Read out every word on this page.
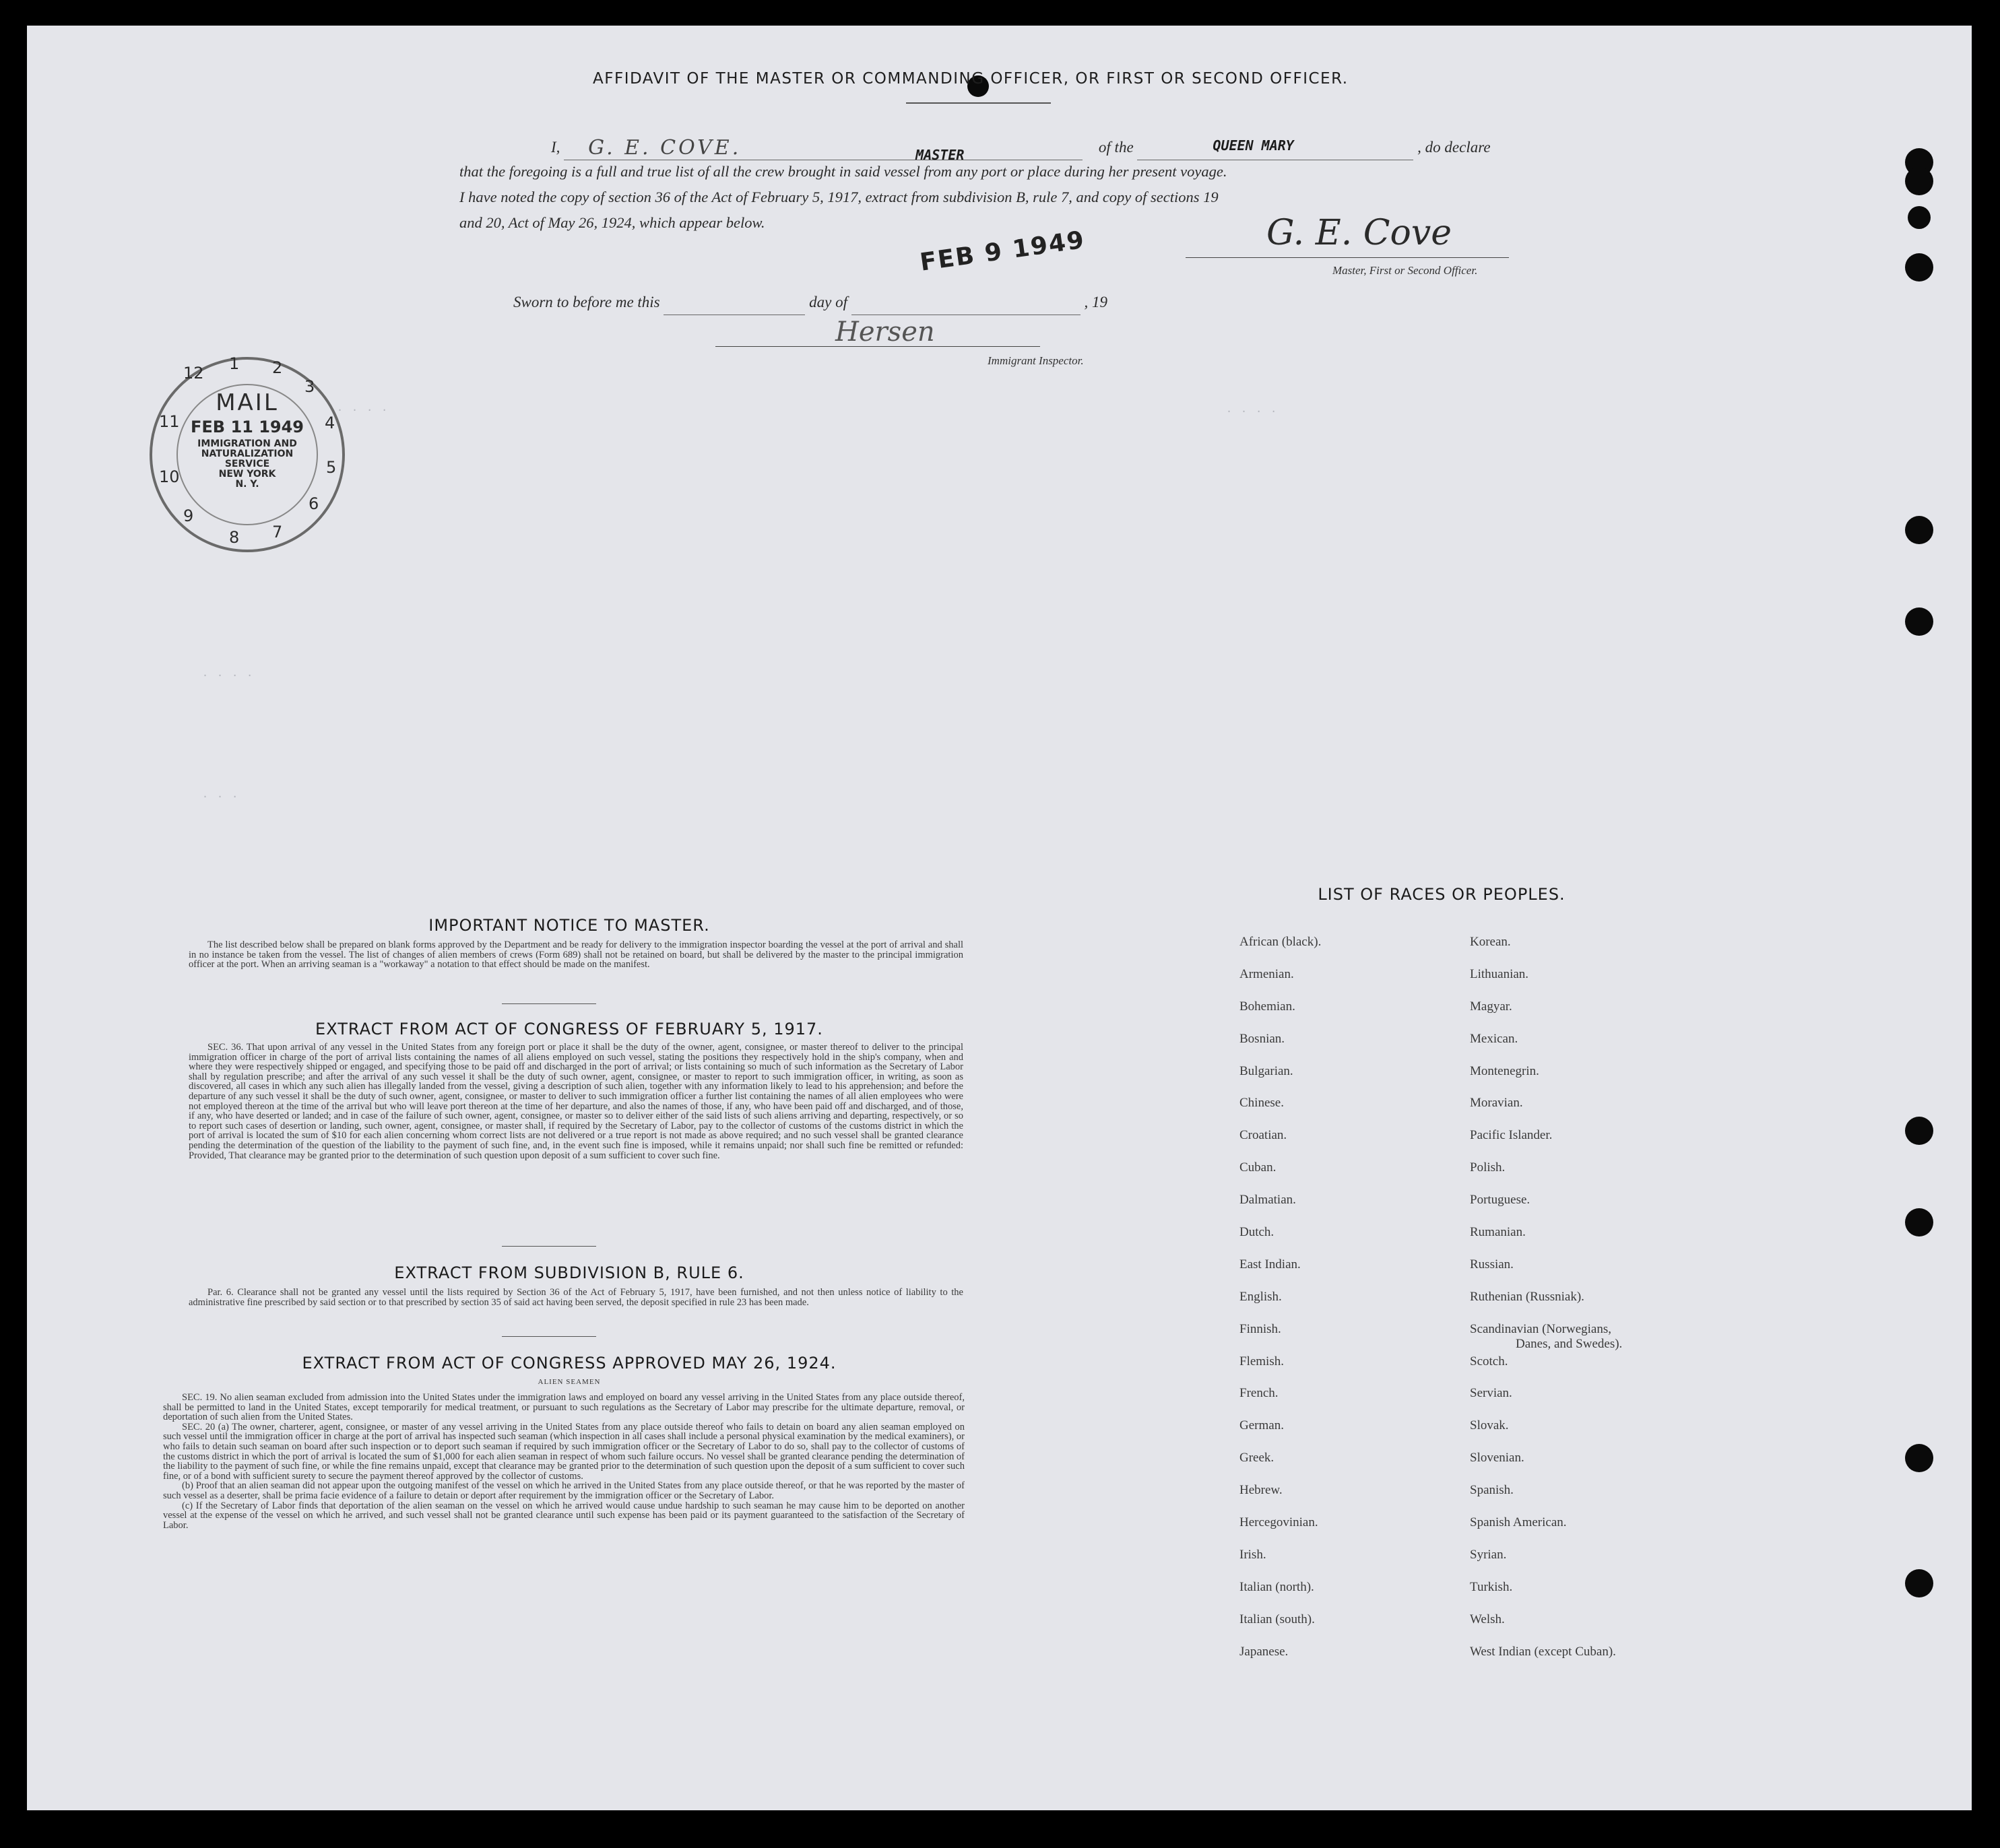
. . . .	. . . .
. . . .
. . .
AFFIDAVIT OF THE MASTER OR COMMANDING OFFICER, OR FIRST OR SECOND OFFICER.
I, G. E. COVE.	MASTER	of the	QUEEN MARY	, do declare
that the foregoing is a full and true list of all the crew brought in said vessel from any port or place during her present voyage.
I have noted the copy of section 36 of the Act of February 5, 1917, extract from subdivision B, rule 7, and copy of sections 19
and 20, Act of May 26, 1924, which appear below.	G. E. Cove
Master, First or Second Officer.
FEB 9 1949
Sworn to before me this	day of	, 19
Hersen
Immigrant Inspector.
12 1 2
3
4
5
6
7
8
9
10
11
MAIL
FEB 11 1949
IMMIGRATION AND
NATURALIZATION
SERVICE
NEW YORK
N. Y.
IMPORTANT NOTICE TO MASTER.
The list described below shall be prepared on blank forms approved by the Department and be ready for delivery to the immigration inspector boarding the vessel at the port of arrival and shall in no instance be taken from the vessel. The list of changes of alien members of crews (Form 689) shall not be retained on board, but shall be delivered by the master to the principal immigration officer at the port. When an arriving seaman is a "workaway" a notation to that effect should be made on the manifest.
EXTRACT FROM ACT OF CONGRESS OF FEBRUARY 5, 1917.
SEC. 36. That upon arrival of any vessel in the United States from any foreign port or place it shall be the duty of the owner, agent, consignee, or master thereof to deliver to the principal immigration officer in charge of the port of arrival lists containing the names of all aliens employed on such vessel, stating the positions they respectively hold in the ship's company, when and where they were respectively shipped or engaged, and specifying those to be paid off and discharged in the port of arrival; or lists containing so much of such information as the Secretary of Labor shall by regulation prescribe; and after the arrival of any such vessel it shall be the duty of such owner, agent, consignee, or master to report to such immigration officer, in writing, as soon as discovered, all cases in which any such alien has illegally landed from the vessel, giving a description of such alien, together with any information likely to lead to his apprehension; and before the departure of any such vessel it shall be the duty of such owner, agent, consignee, or master to deliver to such immigration officer a further list containing the names of all alien employees who were not employed thereon at the time of the arrival but who will leave port thereon at the time of her departure, and also the names of those, if any, who have been paid off and discharged, and of those, if any, who have deserted or landed; and in case of the failure of such owner, agent, consignee, or master so to deliver either of the said lists of such aliens arriving and departing, respectively, or so to report such cases of desertion or landing, such owner, agent, consignee, or master shall, if required by the Secretary of Labor, pay to the collector of customs of the customs district in which the port of arrival is located the sum of $10 for each alien concerning whom correct lists are not delivered or a true report is not made as above required; and no such vessel shall be granted clearance pending the determination of the question of the liability to the payment of such fine, and, in the event such fine is imposed, while it remains unpaid; nor shall such fine be remitted or refunded: Provided, That clearance may be granted prior to the determination of such question upon deposit of a sum sufficient to cover such fine.
EXTRACT FROM SUBDIVISION B, RULE 6.
Par. 6. Clearance shall not be granted any vessel until the lists required by Section 36 of the Act of February 5, 1917, have been furnished, and not then unless notice of liability to the administrative fine prescribed by said section or to that prescribed by section 35 of said act having been served, the deposit specified in rule 23 has been made.
EXTRACT FROM ACT OF CONGRESS APPROVED MAY 26, 1924.
ALIEN SEAMEN
SEC. 19. No alien seaman excluded from admission into the United States under the immigration laws and employed on board any vessel arriving in the United States from any place outside thereof, shall be permitted to land in the United States, except temporarily for medical treatment, or pursuant to such regulations as the Secretary of Labor may prescribe for the ultimate departure, removal, or deportation of such alien from the United States.
SEC. 20 (a) The owner, charterer, agent, consignee, or master of any vessel arriving in the United States from any place outside thereof who fails to detain on board any alien seaman employed on such vessel until the immigration officer in charge at the port of arrival has inspected such seaman (which inspection in all cases shall include a personal physical examination by the medical examiners), or who fails to detain such seaman on board after such inspection or to deport such seaman if required by such immigration officer or the Secretary of Labor to do so, shall pay to the collector of customs of the customs district in which the port of arrival is located the sum of $1,000 for each alien seaman in respect of whom such failure occurs. No vessel shall be granted clearance pending the determination of the liability to the payment of such fine, or while the fine remains unpaid, except that clearance may be granted prior to the determination of such question upon the deposit of a sum sufficient to cover such fine, or of a bond with sufficient surety to secure the payment thereof approved by the collector of customs.
(b) Proof that an alien seaman did not appear upon the outgoing manifest of the vessel on which he arrived in the United States from any place outside thereof, or that he was reported by the master of such vessel as a deserter, shall be prima facie evidence of a failure to detain or deport after requirement by the immigration officer or the Secretary of Labor.
(c) If the Secretary of Labor finds that deportation of the alien seaman on the vessel on which he arrived would cause undue hardship to such seaman he may cause him to be deported on another vessel at the expense of the vessel on which he arrived, and such vessel shall not be granted clearance until such expense has been paid or its payment guaranteed to the satisfaction of the Secretary of Labor.
LIST OF RACES OR PEOPLES.
African (black).
Armenian.
Bohemian.
Bosnian.
Bulgarian.
Chinese.
Croatian.
Cuban.
Dalmatian.
Dutch.
East Indian.
English.
Finnish.
Flemish.
French.
German.
Greek.
Hebrew.
Hercegovinian.
Irish.
Italian (north).
Italian (south).
Japanese.
Korean.
Lithuanian.
Magyar.
Mexican.
Montenegrin.
Moravian.
Pacific Islander.
Polish.
Portuguese.
Rumanian.
Russian.
Ruthenian (Russniak).
Scandinavian (Norwegians,
Danes, and Swedes).
Scotch.
Servian.
Slovak.
Slovenian.
Spanish.
Spanish American.
Syrian.
Turkish.
Welsh.
West Indian (except Cuban).
